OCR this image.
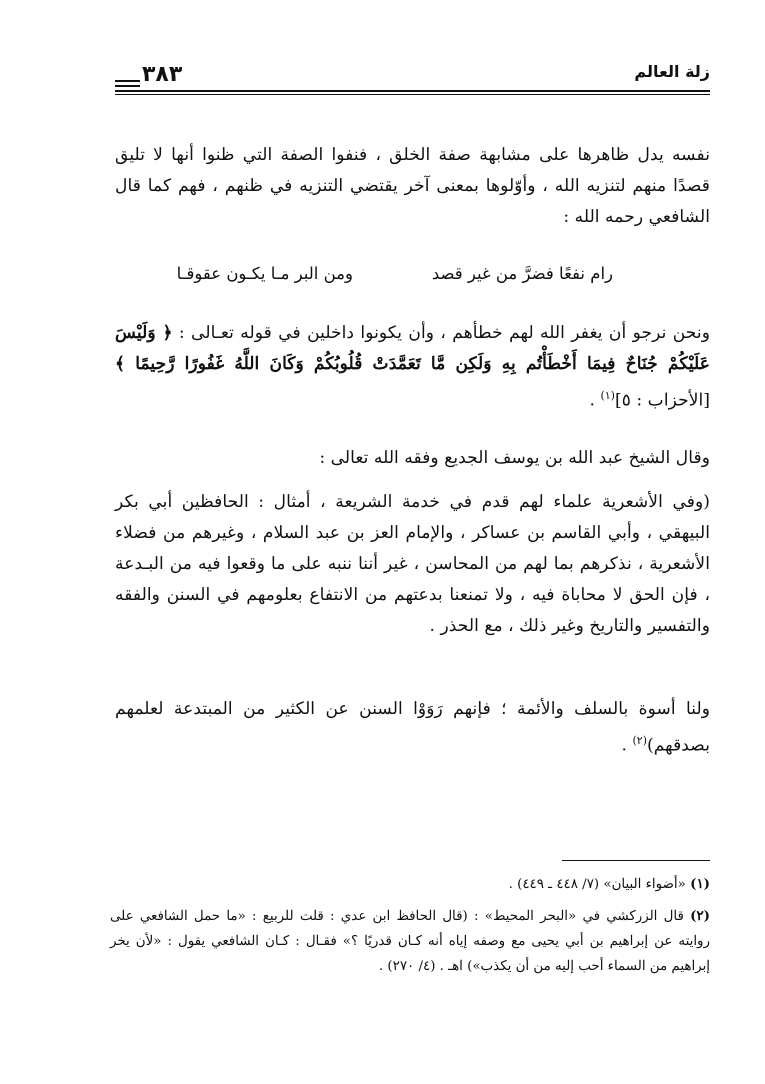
زلة العالم
٣٨٣
نفسه يدل ظاهرها على مشابهة صفة الخلق ، فنفوا الصفة التي ظنوا أنها لا تليق قصدًا منهم لتنزيه الله ، وأوّلوها بمعنى آخر يقتضي التنزيه في ظنهم ، فهم كما قال الشافعي رحمه الله :
رام نفعًا فضرَّ من غير قصد
ومن البر مـا يكـون عقوقـا
ونحن نرجو أن يغفر الله لهم خطأهم ، وأن يكونوا داخلين في قوله تعـالى : ﴿ وَلَيْسَ عَلَيْكُمْ جُنَاحٌ فِيمَا أَخْطَأْتُم بِهِ وَلَكِن مَّا تَعَمَّدَتْ قُلُوبُكُمْ وَكَانَ اللَّهُ غَفُورًا رَّحِيمًا ﴾ [الأحزاب : ٥]$^{(١)}$ .
وقال الشيخ عبد الله بن يوسف الجديع وفقه الله تعالى :
(وفي الأشعرية علماء لهم قدم في خدمة الشريعة ، أمثال : الحافظين أبي بكر البيهقي ، وأبي القاسم بن عساكر ، والإمام العز بن عبد السلام ، وغيرهم من فضلاء الأشعرية ، نذكرهم بما لهم من المحاسن ، غير أننا ننبه على ما وقعوا فيه من البـدعة ، فإن الحق لا محاباة فيه ، ولا تمنعنا بدعتهم من الانتفاع بعلومهم في السنن والفقه والتفسير والتاريخ وغير ذلك ، مع الحذر .
ولنا أسوة بالسلف والأئمة ؛ فإنهم رَوَوْا السنن عن الكثير من المبتدعة لعلمهم بصدقهم)$^{(٢)}$ .
(١) «أضواء البيان» (٧/ ٤٤٨ ـ ٤٤٩) .
(٢) قال الزركشي في «البحر المحيط» : (قال الحافظ ابن عدي : قلت للربيع : «ما حمل الشافعي على روايته عن إبراهيم بن أبي يحيى مع وصفه إياه أنه كـان قدريًا ؟» فقـال : كـان الشافعي يقول : «لأن يخر إبراهيم من السماء أحب إليه من أن يكذب») اهـ . (٤/ ٢٧٠) .
